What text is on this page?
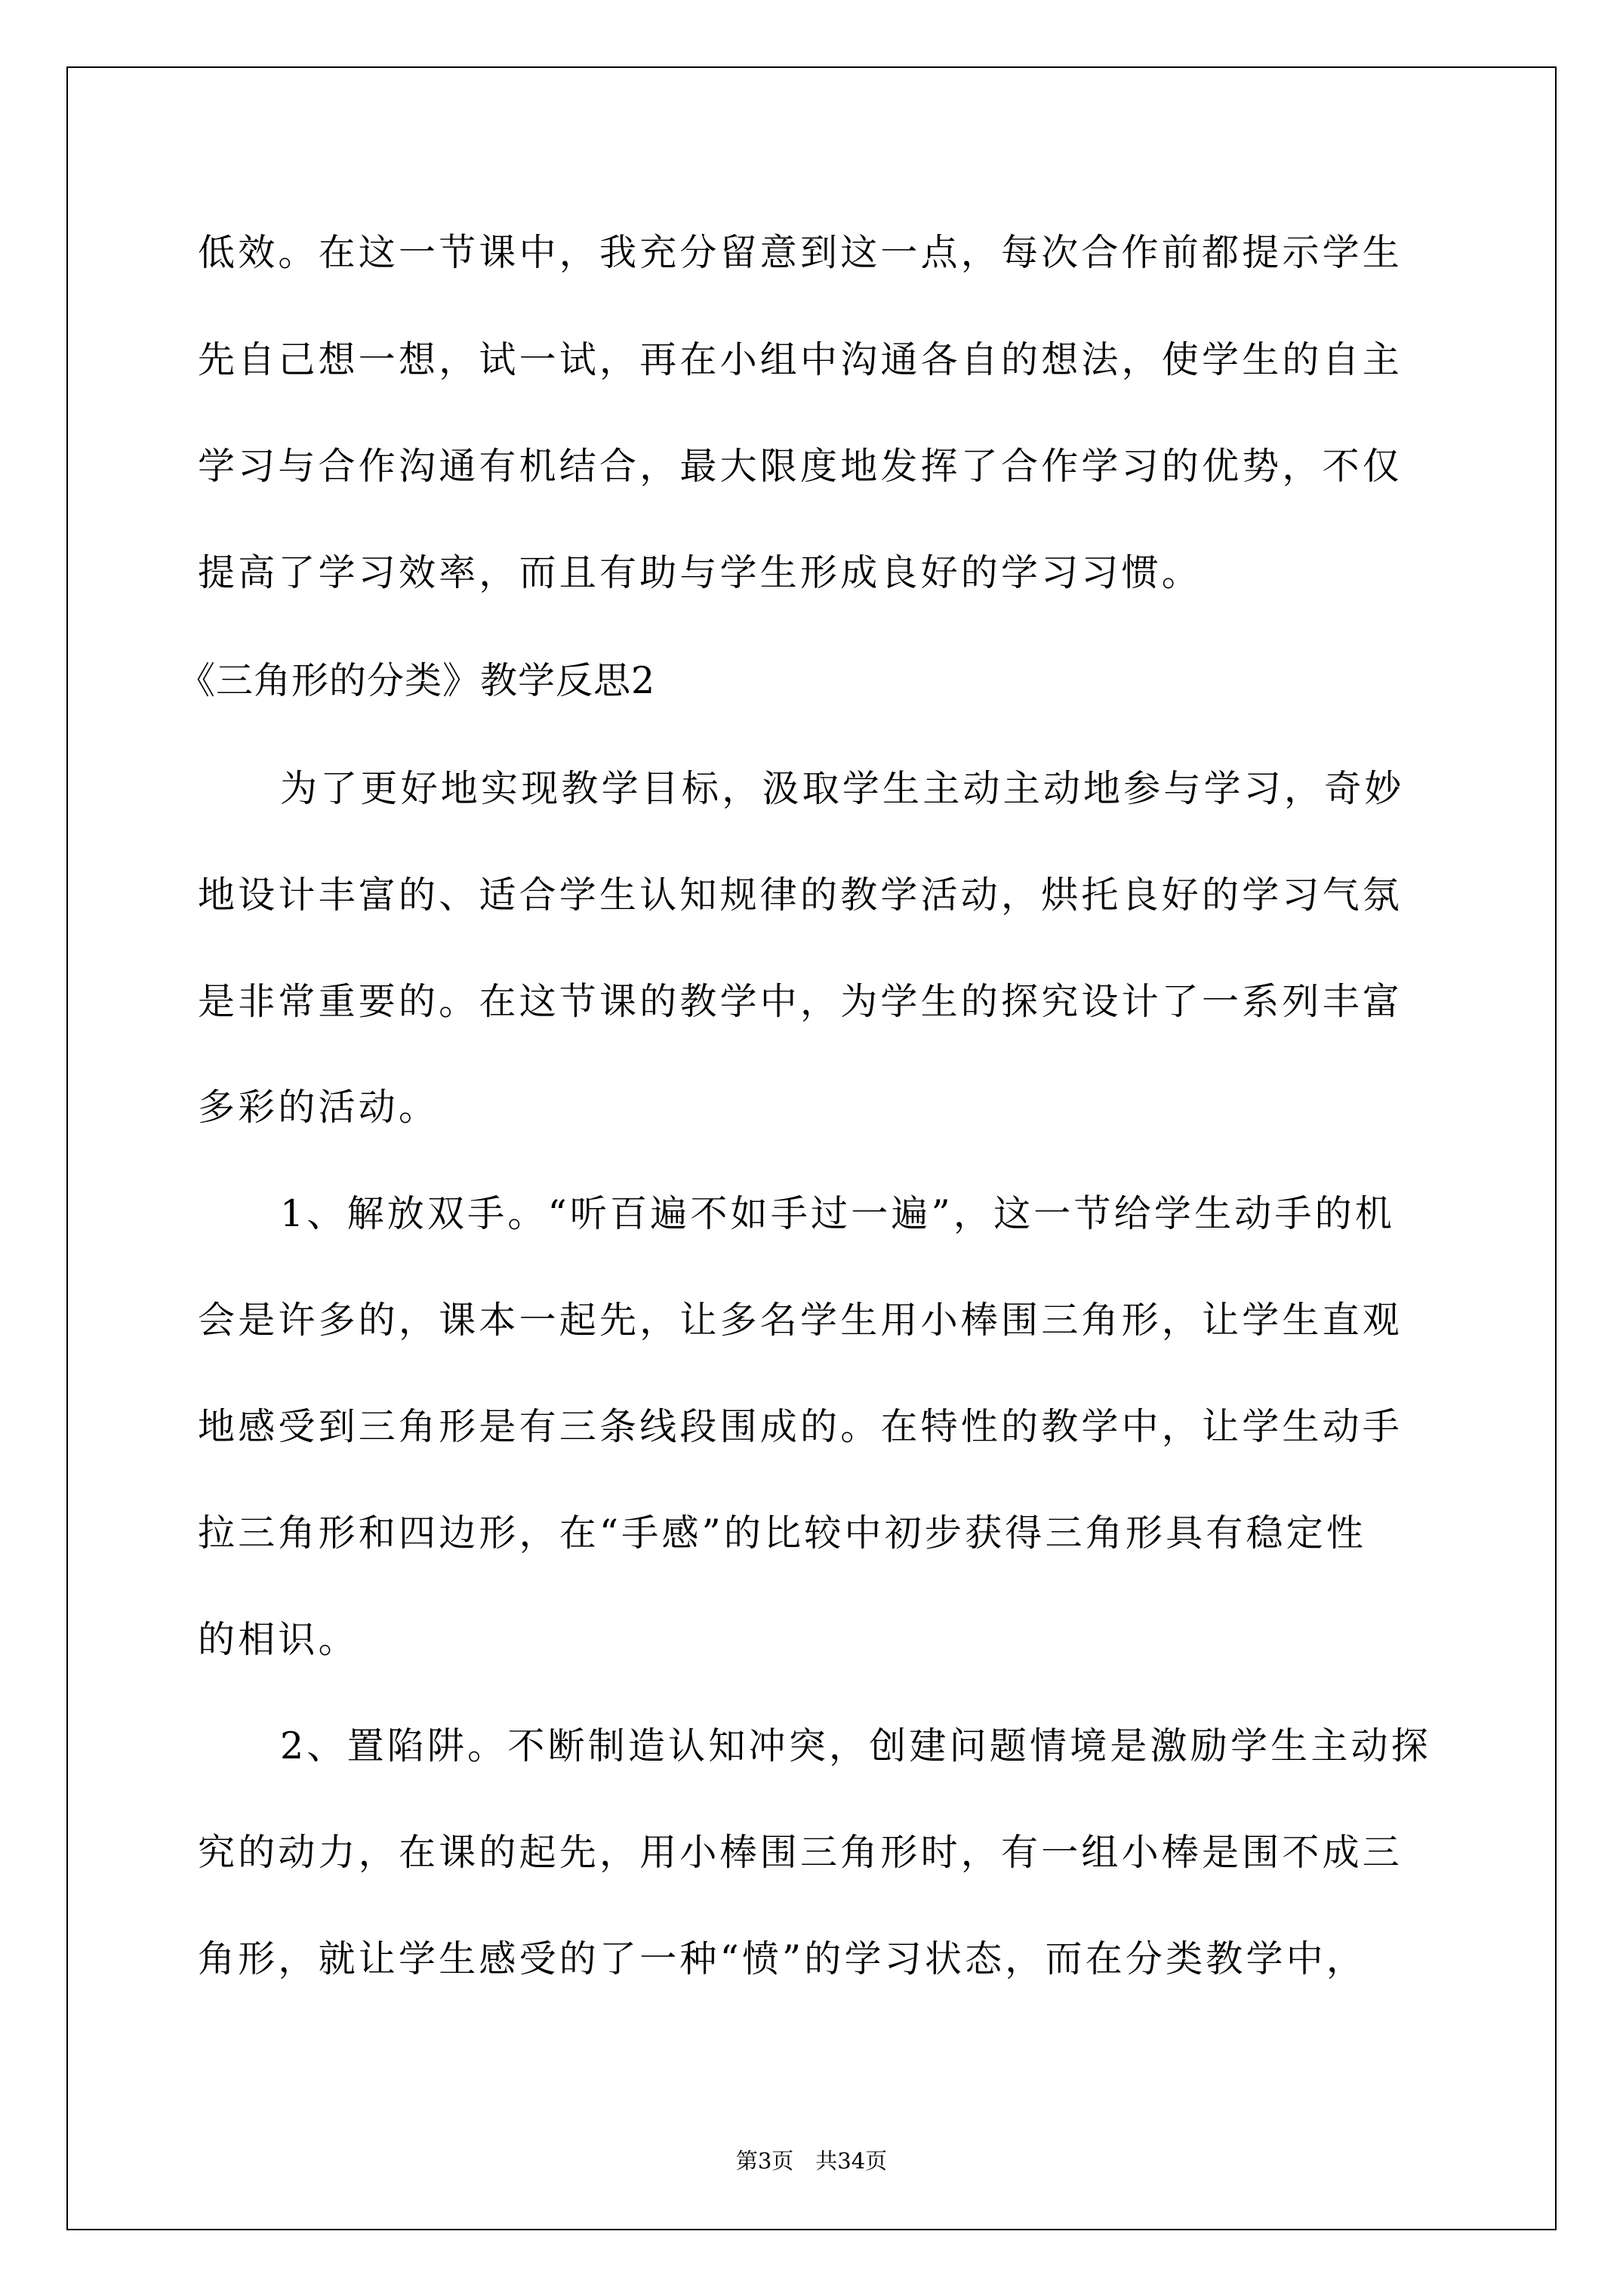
低效。在这一节课中，我充分留意到这一点，每次合作前都提示学生
先自己想一想，试一试，再在小组中沟通各自的想法，使学生的自主
学习与合作沟通有机结合，最大限度地发挥了合作学习的优势，不仅
提高了学习效率，而且有助与学生形成良好的学习习惯。
《三角形的分类》教学反思2
为了更好地实现教学目标，汲取学生主动主动地参与学习，奇妙
地设计丰富的、适合学生认知规律的教学活动，烘托良好的学习气氛
是非常重要的。在这节课的教学中，为学生的探究设计了一系列丰富
多彩的活动。
1、解放双手。“听百遍不如手过一遍”，这一节给学生动手的机
会是许多的，课本一起先，让多名学生用小棒围三角形，让学生直观
地感受到三角形是有三条线段围成的。在特性的教学中，让学生动手
拉三角形和四边形，在“手感”的比较中初步获得三角形具有稳定性
的相识。
2、置陷阱。不断制造认知冲突，创建问题情境是激励学生主动探
究的动力，在课的起先，用小棒围三角形时，有一组小棒是围不成三
角形，就让学生感受的了一种“愤”的学习状态，而在分类教学中，
第3页　共34页
